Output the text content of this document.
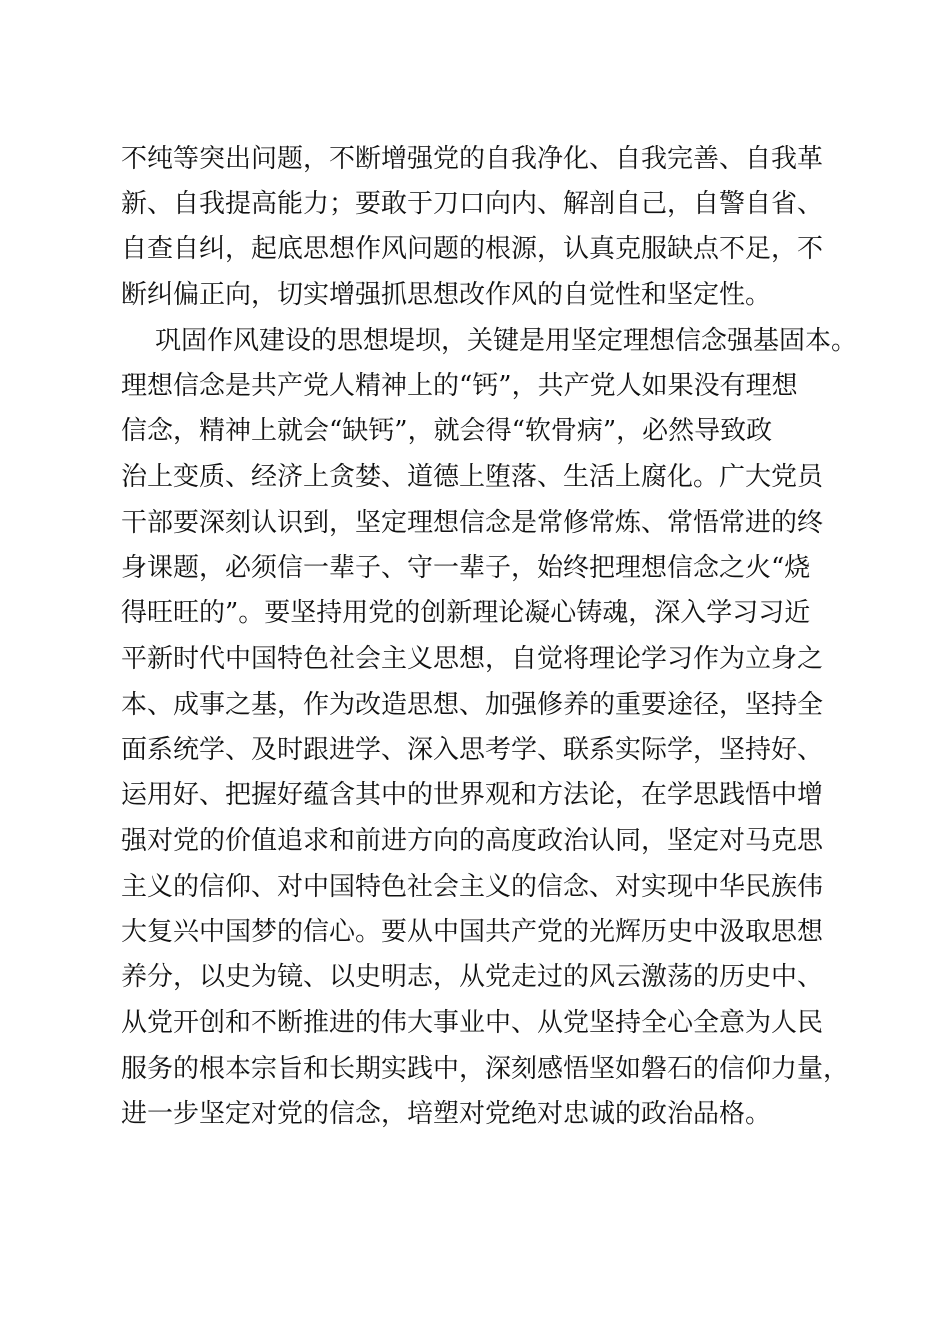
不纯等突出问题，不断增强党的自我净化、自我完善、自我革
新、自我提高能力；要敢于刀口向内、解剖自己，自警自省、
自查自纠，起底思想作风问题的根源，认真克服缺点不足，不
断纠偏正向，切实增强抓思想改作风的自觉性和坚定性。
巩固作风建设的思想堤坝，关键是用坚定理想信念强基固本。
理想信念是共产党人精神上的“钙”，共产党人如果没有理想
信念，精神上就会“缺钙”，就会得“软骨病”，必然导致政
治上变质、经济上贪婪、道德上堕落、生活上腐化。广大党员
干部要深刻认识到，坚定理想信念是常修常炼、常悟常进的终
身课题，必须信一辈子、守一辈子，始终把理想信念之火“烧
得旺旺的”。要坚持用党的创新理论凝心铸魂，深入学习习近
平新时代中国特色社会主义思想，自觉将理论学习作为立身之
本、成事之基，作为改造思想、加强修养的重要途径，坚持全
面系统学、及时跟进学、深入思考学、联系实际学，坚持好、
运用好、把握好蕴含其中的世界观和方法论，在学思践悟中增
强对党的价值追求和前进方向的高度政治认同，坚定对马克思
主义的信仰、对中国特色社会主义的信念、对实现中华民族伟
大复兴中国梦的信心。要从中国共产党的光辉历史中汲取思想
养分，以史为镜、以史明志，从党走过的风云激荡的历史中、
从党开创和不断推进的伟大事业中、从党坚持全心全意为人民
服务的根本宗旨和长期实践中，深刻感悟坚如磐石的信仰力量，
进一步坚定对党的信念，培塑对党绝对忠诚的政治品格。
